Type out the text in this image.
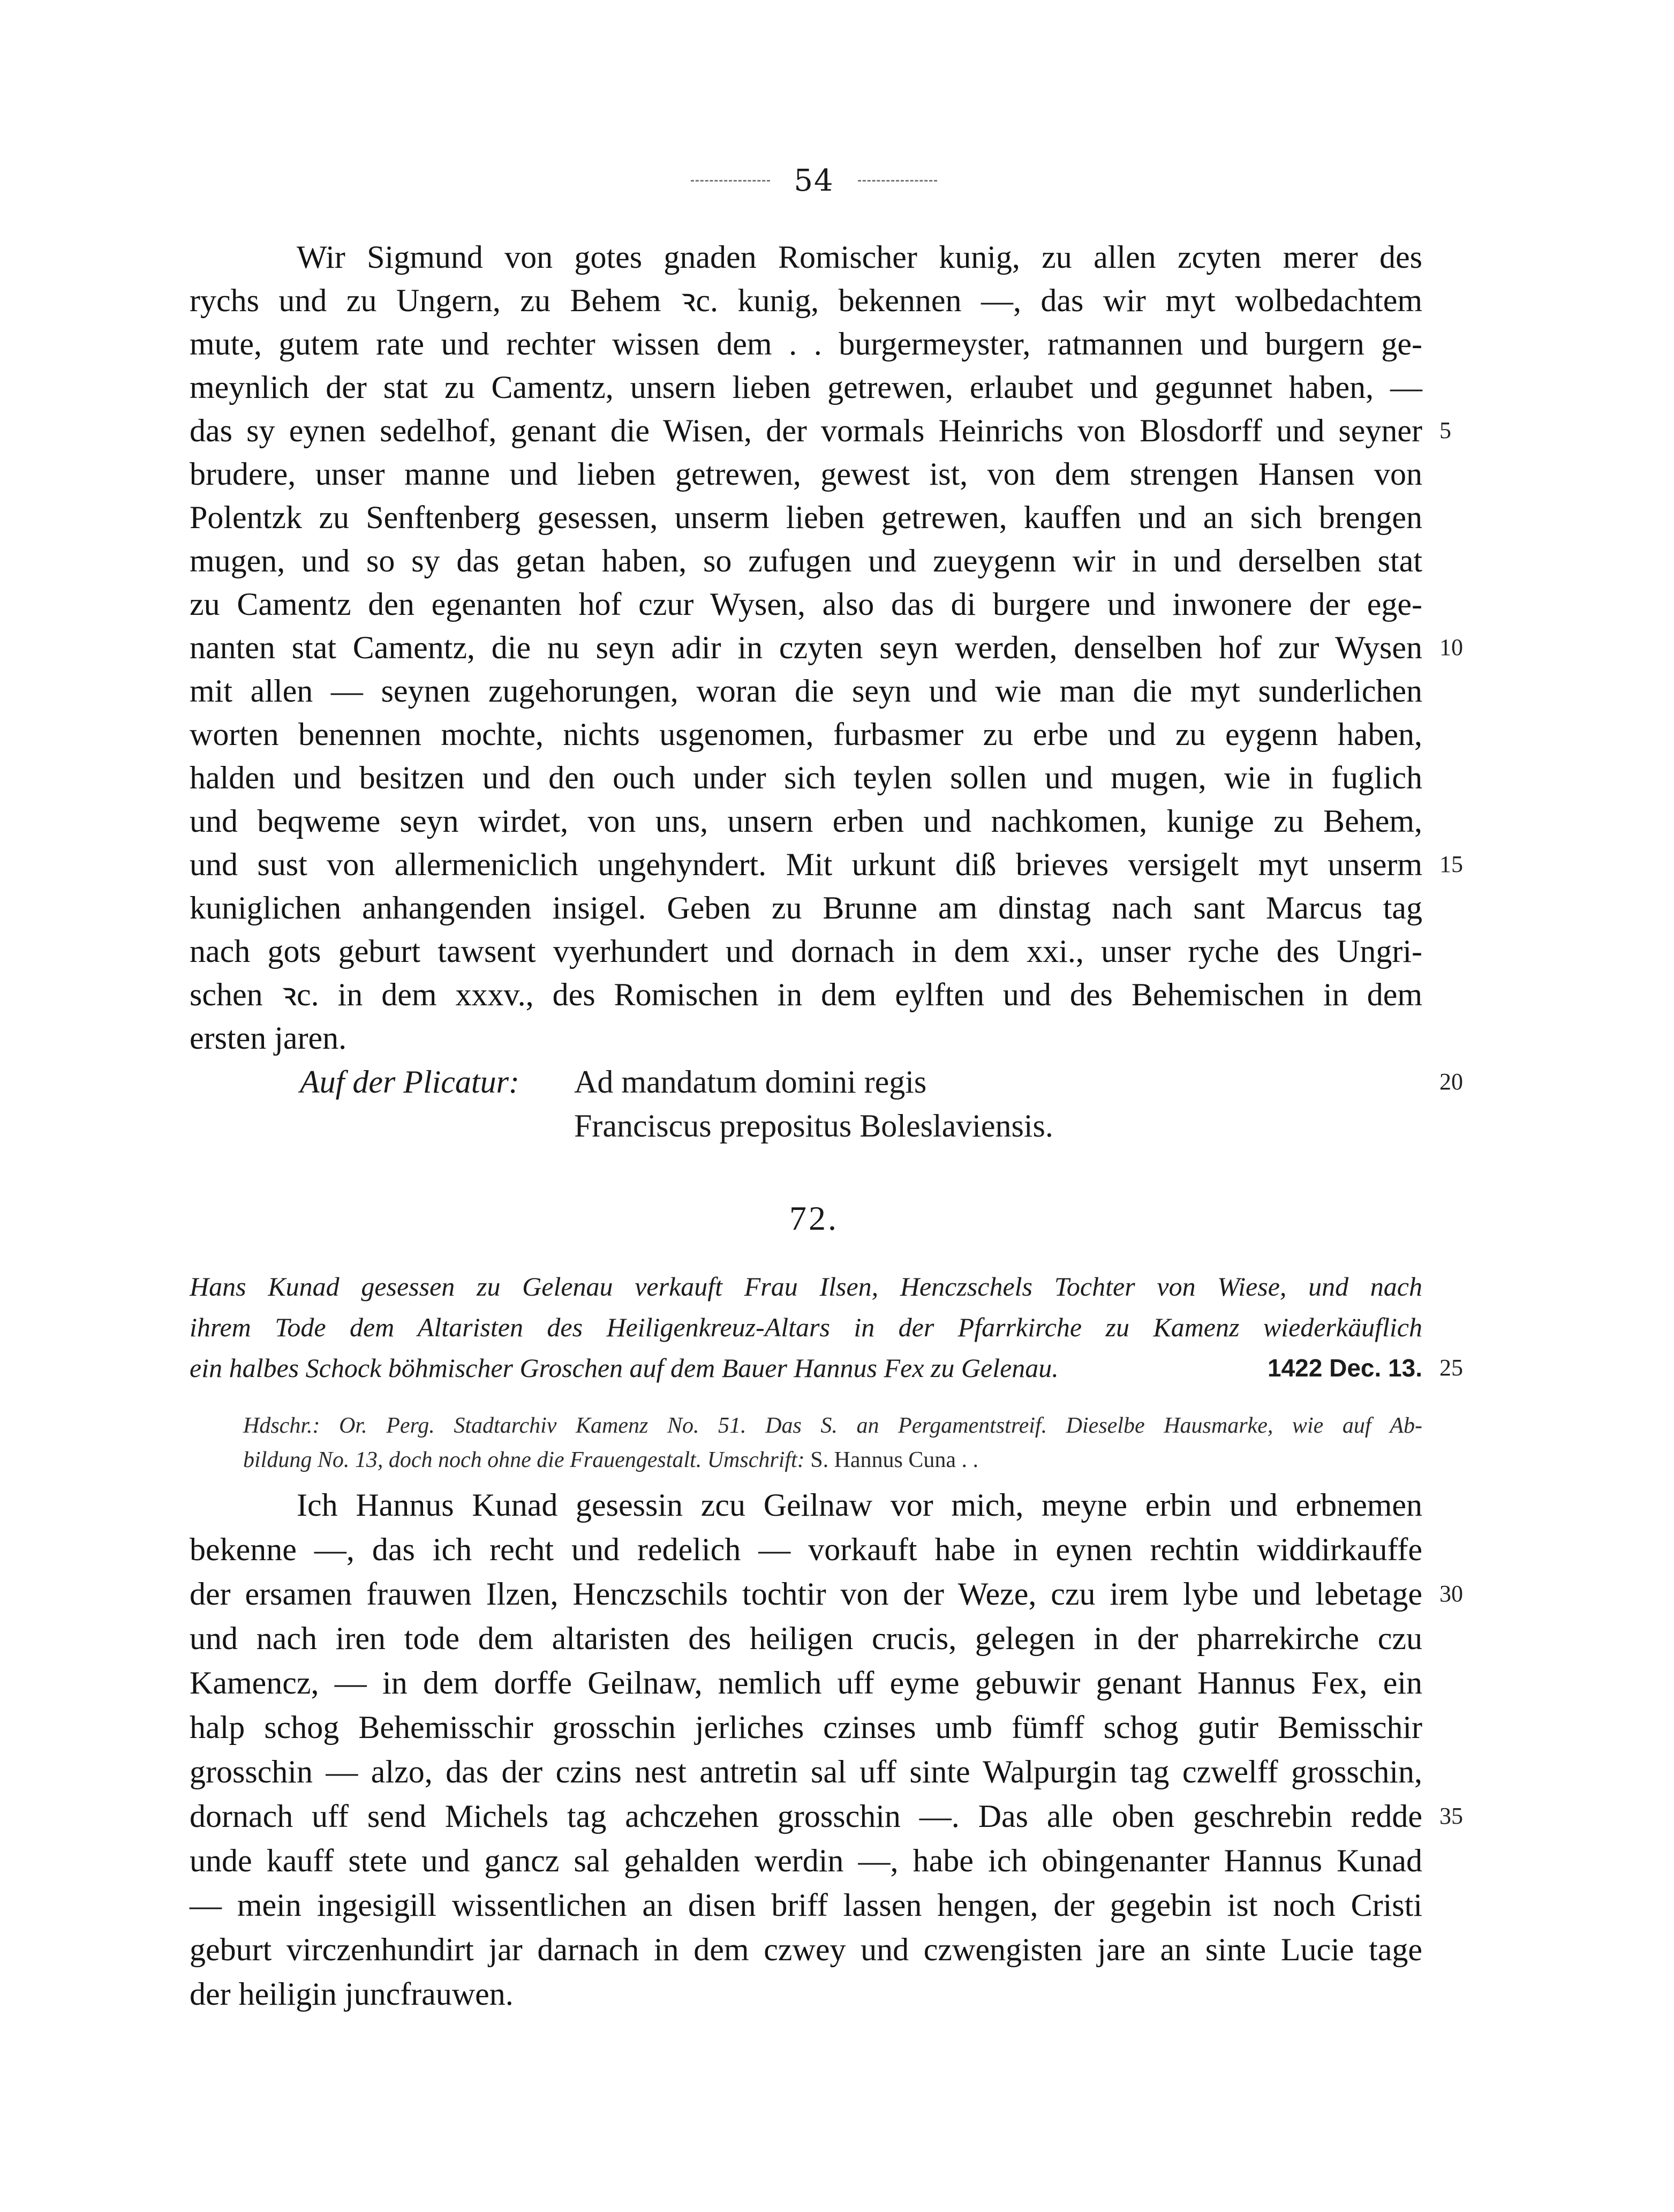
54
Wir Sigmund von gotes gnaden Romischer kunig, zu allen zcyten merer des
rychs und zu Ungern, zu Behem ꝛc. kunig, bekennen —, das wir myt wolbedachtem
mute, gutem rate und rechter wissen dem . . burgermeyster, ratmannen und burgern ge-
meynlich der stat zu Camentz, unsern lieben getrewen, erlaubet und gegunnet haben, —
das sy eynen sedelhof, genant die Wisen, der vormals Heinrichs von Blosdorff und seyner
brudere, unser manne und lieben getrewen, gewest ist, von dem strengen Hansen von
Polentzk zu Senftenberg gesessen, unserm lieben getrewen, kauffen und an sich brengen
mugen, und so sy das getan haben, so zufugen und zueygenn wir in und derselben stat
zu Camentz den egenanten hof czur Wysen, also das di burgere und inwonere der ege-
nanten stat Camentz, die nu seyn adir in czyten seyn werden, denselben hof zur Wysen
mit allen — seynen zugehorungen, woran die seyn und wie man die myt sunderlichen
worten benennen mochte, nichts usgenomen, furbasmer zu erbe und zu eygenn haben,
halden und besitzen und den ouch under sich teylen sollen und mugen, wie in fuglich
und beqweme seyn wirdet, von uns, unsern erben und nachkomen, kunige zu Behem,
und sust von allermeniclich ungehyndert. Mit urkunt diß brieves versigelt myt unserm
kuniglichen anhangenden insigel. Geben zu Brunne am dinstag nach sant Marcus tag
nach gots geburt tawsent vyerhundert und dornach in dem xxi., unser ryche des Ungri-
schen ꝛc. in dem xxxv., des Romischen in dem eylften und des Behemischen in dem
ersten jaren.
Auf der Plicatur: Ad mandatum domini regis
Franciscus prepositus Boleslaviensis.
5
10
15
20
72.
Hans Kunad gesessen zu Gelenau verkauft Frau Ilsen, Henczschels Tochter von Wiese, und nach
ihrem Tode dem Altaristen des Heiligenkreuz-Altars in der Pfarrkirche zu Kamenz wiederkäuflich
ein halbes Schock böhmischer Groschen auf dem Bauer Hannus Fex zu Gelenau.	1422 Dec. 13. 25
Hdschr.: Or. Perg. Stadtarchiv Kamenz No. 51. Das S. an Pergamentstreif. Dieselbe Hausmarke, wie auf Ab-
bildung No. 13, doch noch ohne die Frauengestalt. Umschrift: S. Hannus Cuna . .
Ich Hannus Kunad gesessin zcu Geilnaw vor mich, meyne erbin und erbnemen
bekenne —, das ich recht und redelich — vorkauft habe in eynen rechtin widdirkauffe
der ersamen frauwen Ilzen, Henczschils tochtir von der Weze, czu irem lybe und lebetage
und nach iren tode dem altaristen des heiligen crucis, gelegen in der pharrekirche czu
Kamencz, — in dem dorffe Geilnaw, nemlich uff eyme gebuwir genant Hannus Fex, ein
halp schog Behemisschir grosschin jerliches czinses umb fümff schog gutir Bemisschir
grosschin — alzo, das der czins nest antretin sal uff sinte Walpurgin tag czwelff grosschin,
dornach uff send Michels tag achczehen grosschin —. Das alle oben geschrebin redde
unde kauff stete und gancz sal gehalden werdin —, habe ich obingenanter Hannus Kunad
— mein ingesigill wissentlichen an disen briff lassen hengen, der gegebin ist noch Cristi
geburt virczenhundirt jar darnach in dem czwey und czwengisten jare an sinte Lucie tage
der heiligin juncfrauwen.
30
35
